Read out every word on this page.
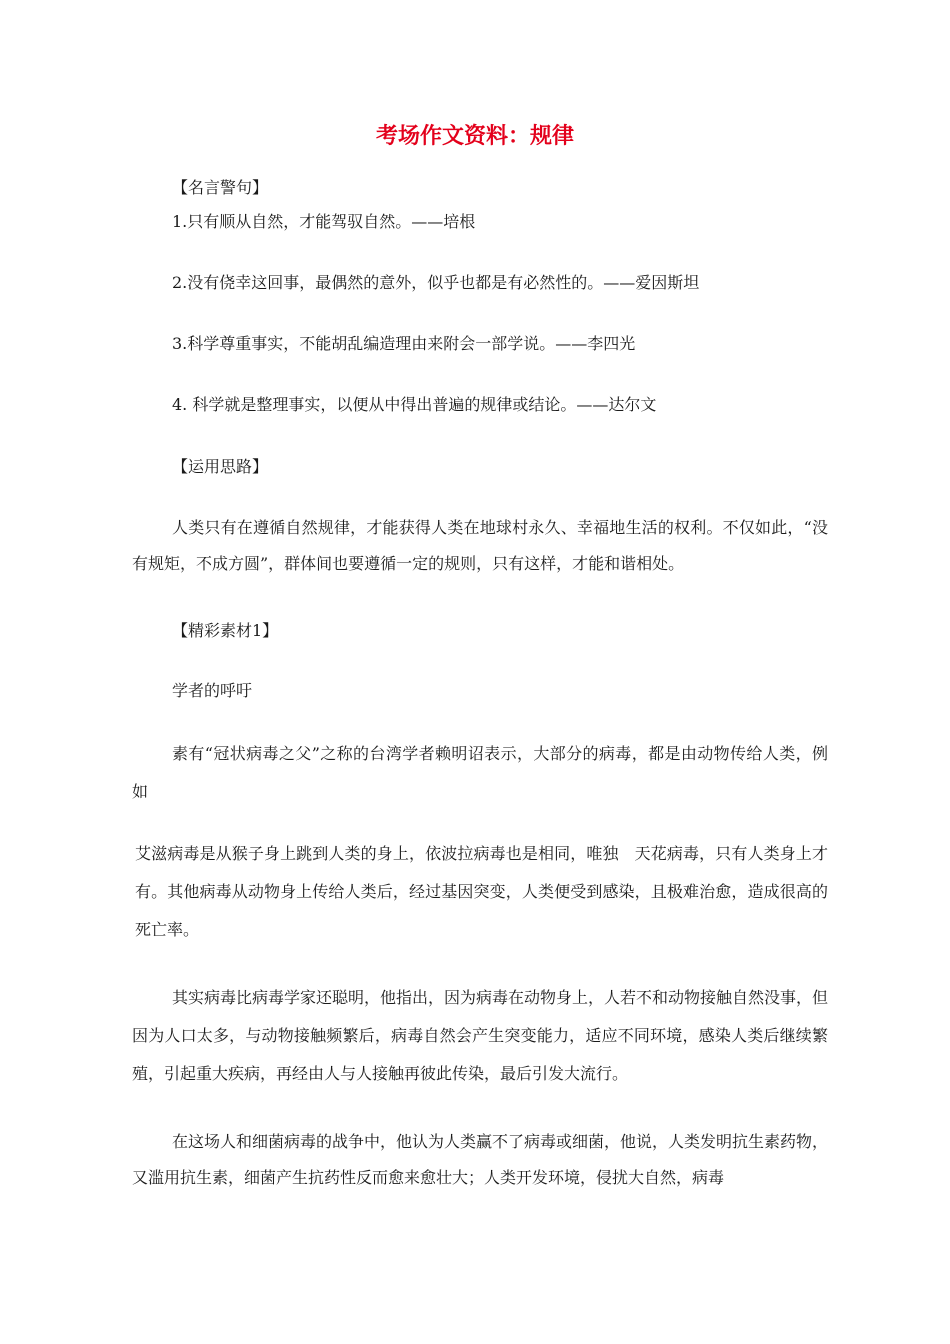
考场作文资料：规律
【名言警句】
1.只有顺从自然，才能驾驭自然。——培根
2.没有侥幸这回事，最偶然的意外，似乎也都是有必然性的。——爱因斯坦
3.科学尊重事实，不能胡乱编造理由来附会一部学说。——李四光
4. 科学就是整理事实，以便从中得出普遍的规律或结论。——达尔文
【运用思路】
人类只有在遵循自然规律，才能获得人类在地球村永久、幸福地生活的权利。不仅如此，“没有规矩，不成方圆”，群体间也要遵循一定的规则，只有这样，才能和谐相处。
【精彩素材1】
学者的呼吁
素有“冠状病毒之父”之称的台湾学者赖明诏表示，大部分的病毒，都是由动物传给人类，例如
艾滋病毒是从猴子身上跳到人类的身上，依波拉病毒也是相同，唯独　天花病毒，只有人类身上才有。其他病毒从动物身上传给人类后，经过基因突变，人类便受到感染，且极难治愈，造成很高的死亡率。
其实病毒比病毒学家还聪明，他指出，因为病毒在动物身上，人若不和动物接触自然没事，但因为人口太多，与动物接触频繁后，病毒自然会产生突变能力，适应不同环境，感染人类后继续繁殖，引起重大疾病，再经由人与人接触再彼此传染，最后引发大流行。
在这场人和细菌病毒的战争中，他认为人类赢不了病毒或细菌，他说，人类发明抗生素药物，又滥用抗生素，细菌产生抗药性反而愈来愈壮大；人类开发环境，侵扰大自然，病毒
